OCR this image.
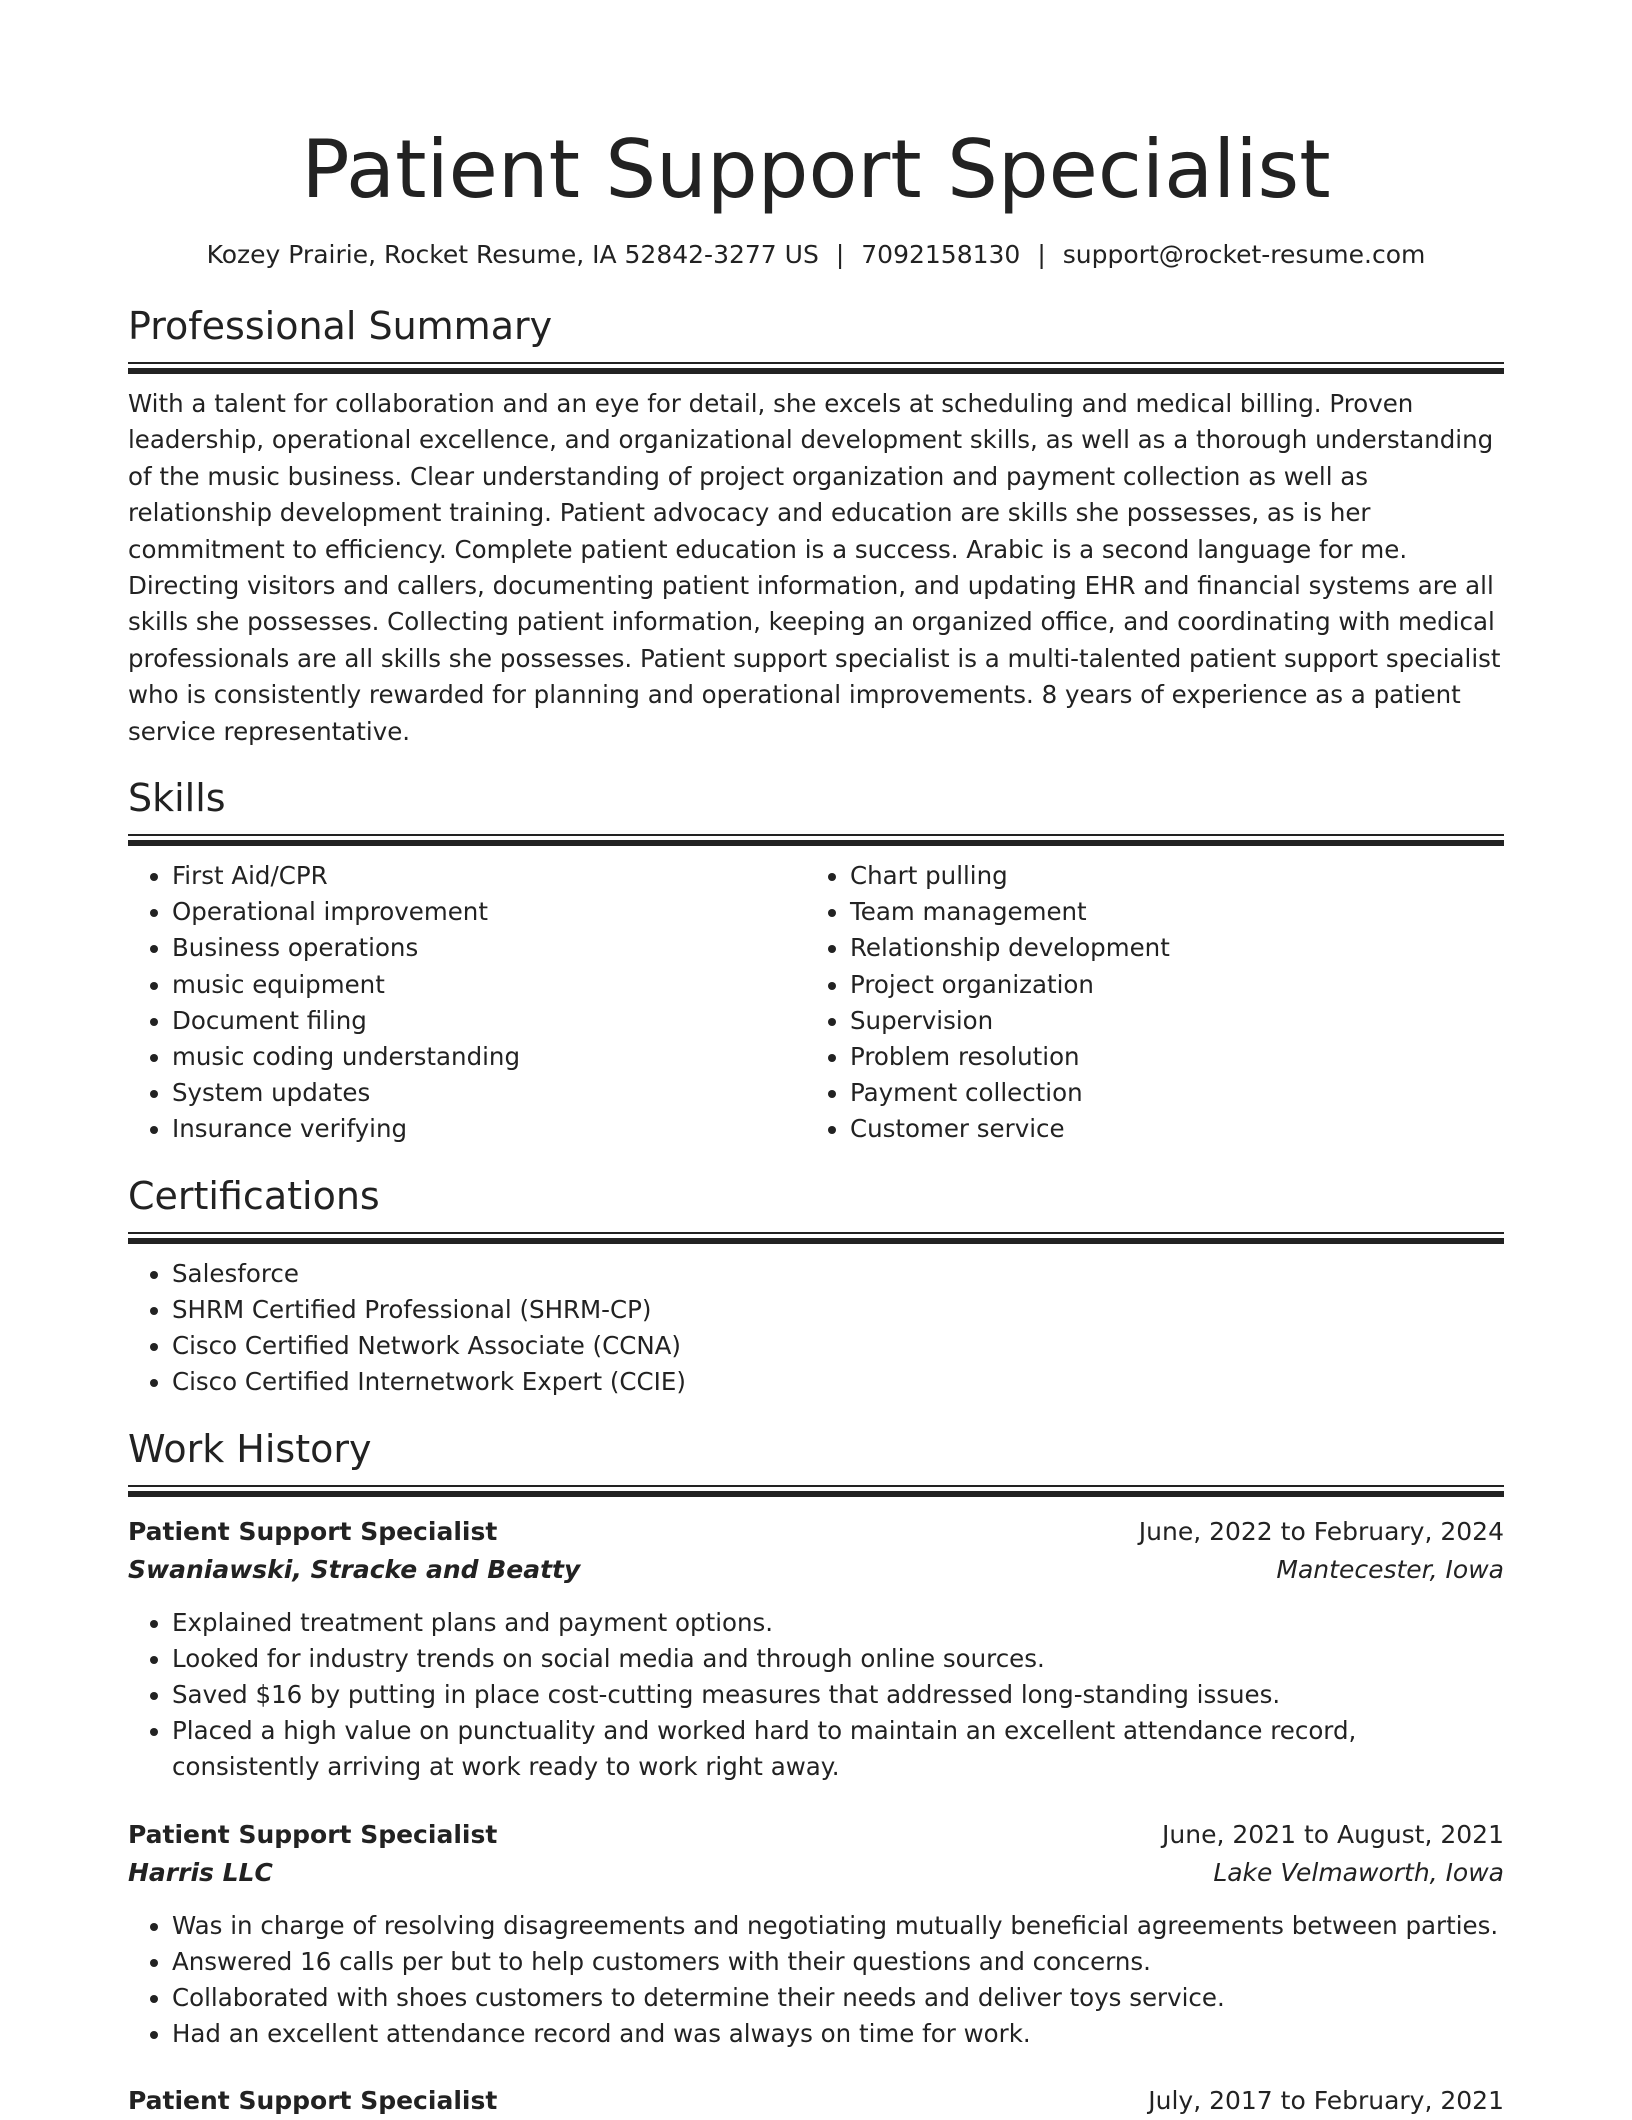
Patient Support Specialist
Kozey Prairie, Rocket Resume, IA 52842-3277 US | 7092158130 | support@rocket-resume.com
Professional Summary

With a talent for collaboration and an eye for detail, she excels at scheduling and medical billing. Proven leadership, operational excellence, and organizational development skills, as well as a thorough understanding of the music business. Clear understanding of project organization and payment collection as well as relationship development training. Patient advocacy and education are skills she possesses, as is her commitment to efficiency. Complete patient education is a success. Arabic is a second language for me. Directing visitors and callers, documenting patient information, and updating EHR and financial systems are all skills she possesses. Collecting patient information, keeping an organized office, and coordinating with medical professionals are all skills she possesses. Patient support specialist is a multi-talented patient support specialist who is consistently rewarded for planning and operational improvements. 8 years of experience as a patient service representative.

Skills
• First Aid/CPR
• Operational improvement
• Business operations
• music equipment
• Document filing
• music coding understanding
• System updates
• Insurance verifying
• Chart pulling
• Team management
• Relationship development
• Project organization
• Supervision
• Problem resolution
• Payment collection
• Customer service
Certifications
• Salesforce
• SHRM Certified Professional (SHRM-CP)
• Cisco Certified Network Associate (CCNA)
• Cisco Certified Internetwork Expert (CCIE)
Work History
Patient Support Specialist	June, 2022 to February, 2024
Swaniawski, Stracke and Beatty	Mantecester, Iowa
• Explained treatment plans and payment options.
• Looked for industry trends on social media and through online sources.
• Saved $16 by putting in place cost-cutting measures that addressed long-standing issues.
• Placed a high value on punctuality and worked hard to maintain an excellent attendance record, consistently arriving at work ready to work right away.
Patient Support Specialist	June, 2021 to August, 2021
Harris LLC	Lake Velmaworth, Iowa
• Was in charge of resolving disagreements and negotiating mutually beneficial agreements between parties.
• Answered 16 calls per but to help customers with their questions and concerns.
• Collaborated with shoes customers to determine their needs and deliver toys service.
• Had an excellent attendance record and was always on time for work.
Patient Support Specialist	July, 2017 to February, 2021
